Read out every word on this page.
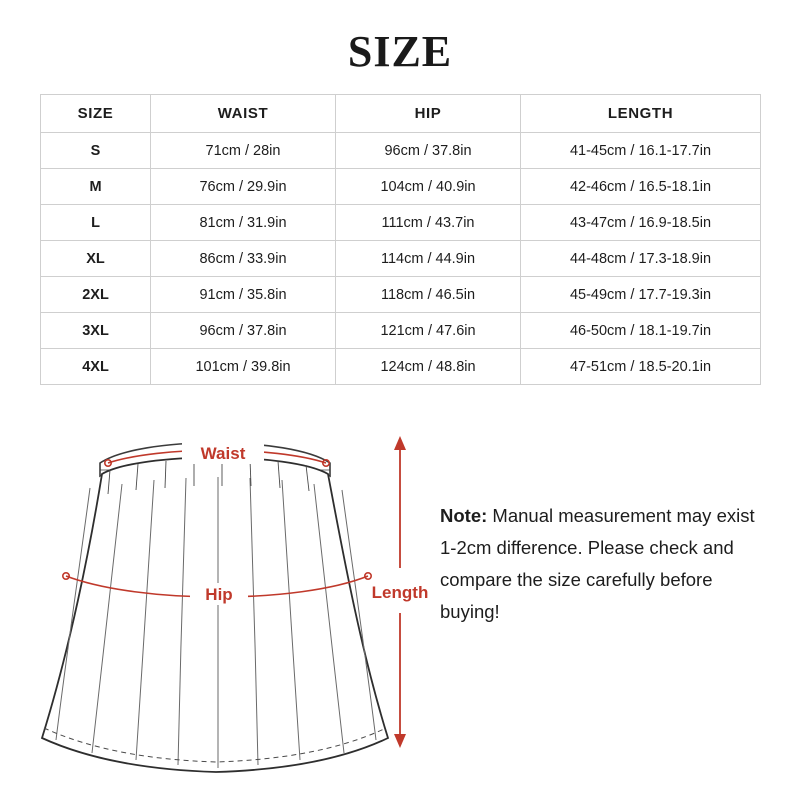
SIZE
SIZE	WAIST	HIP	LENGTH
S	71cm / 28in	96cm / 37.8in	41-45cm / 16.1-17.7in
M	76cm / 29.9in	104cm / 40.9in	42-46cm / 16.5-18.1in
L	81cm / 31.9in	111cm / 43.7in	43-47cm / 16.9-18.5in
XL	86cm / 33.9in	114cm / 44.9in	44-48cm / 17.3-18.9in
2XL	91cm / 35.8in	118cm / 46.5in	45-49cm / 17.7-19.3in
3XL	96cm / 37.8in	121cm / 47.6in	46-50cm / 18.1-19.7in
4XL	101cm / 39.8in	124cm / 48.8in	47-51cm / 18.5-20.1in
Waist
Hip	Length
Note: Manual measurement may exist 1-2cm difference. Please check and compare the size carefully before buying!
